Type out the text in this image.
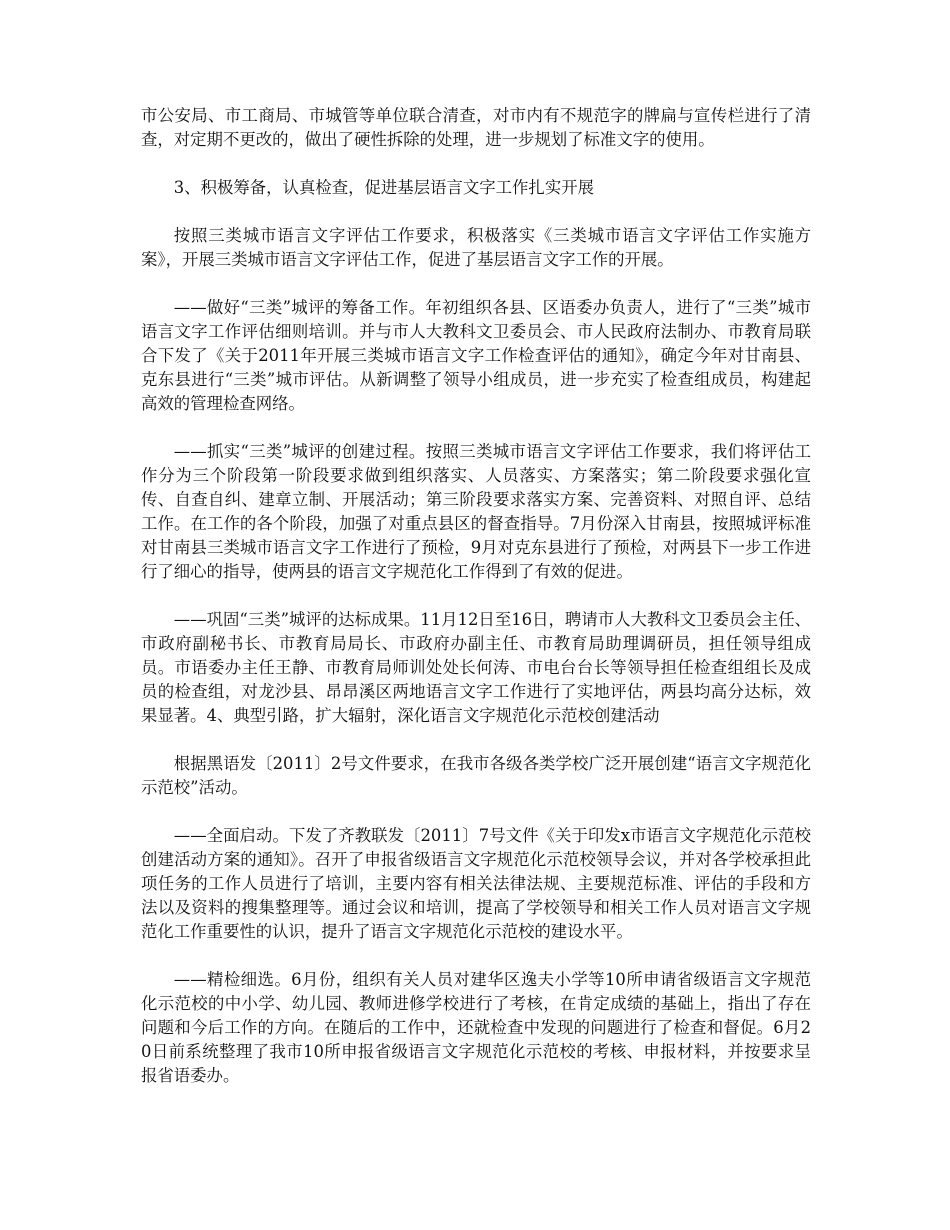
市公安局、市工商局、市城管等单位联合清查，对市内有不规范字的牌扁与宣传栏进行了清查，对定期不更改的，做出了硬性拆除的处理，进一步规划了标准文字的使用。

3、积极筹备，认真检查，促进基层语言文字工作扎实开展

按照三类城市语言文字评估工作要求，积极落实《三类城市语言文字评估工作实施方案》，开展三类城市语言文字评估工作，促进了基层语言文字工作的开展。

——做好“三类”城评的筹备工作。年初组织各县、区语委办负责人，进行了“三类”城市语言文字工作评估细则培训。并与市人大教科文卫委员会、市人民政府法制办、市教育局联合下发了《关于2011年开展三类城市语言文字工作检查评估的通知》，确定今年对甘南县、克东县进行“三类”城市评估。从新调整了领导小组成员，进一步充实了检查组成员，构建起高效的管理检查网络。

——抓实“三类”城评的创建过程。按照三类城市语言文字评估工作要求，我们将评估工作分为三个阶段第一阶段要求做到组织落实、人员落实、方案落实；第二阶段要求强化宣传、自查自纠、建章立制、开展活动；第三阶段要求落实方案、完善资料、对照自评、总结工作。在工作的各个阶段，加强了对重点县区的督查指导。7月份深入甘南县，按照城评标准对甘南县三类城市语言文字工作进行了预检，9月对克东县进行了预检，对两县下一步工作进行了细心的指导，使两县的语言文字规范化工作得到了有效的促进。

——巩固“三类”城评的达标成果。11月12日至16日，聘请市人大教科文卫委员会主任、市政府副秘书长、市教育局局长、市政府办副主任、市教育局助理调研员，担任领导组成员。市语委办主任王静、市教育局师训处处长何涛、市电台台长等领导担任检查组组长及成员的检查组，对龙沙县、昂昂溪区两地语言文字工作进行了实地评估，两县均高分达标，效果显著。4、典型引路，扩大辐射，深化语言文字规范化示范校创建活动

根据黑语发〔2011〕2号文件要求，在我市各级各类学校广泛开展创建“语言文字规范化示范校”活动。

——全面启动。下发了齐教联发〔2011〕7号文件《关于印发x市语言文字规范化示范校创建活动方案的通知》。召开了申报省级语言文字规范化示范校领导会议，并对各学校承担此项任务的工作人员进行了培训，主要内容有相关法律法规、主要规范标准、评估的手段和方法以及资料的搜集整理等。通过会议和培训，提高了学校领导和相关工作人员对语言文字规范化工作重要性的认识，提升了语言文字规范化示范校的建设水平。

——精检细选。6月份，组织有关人员对建华区逸夫小学等10所申请省级语言文字规范化示范校的中小学、幼儿园、教师进修学校进行了考核，在肯定成绩的基础上，指出了存在问题和今后工作的方向。在随后的工作中，还就检查中发现的问题进行了检查和督促。6月20日前系统整理了我市10所申报省级语言文字规范化示范校的考核、申报材料，并按要求呈报省语委办。
